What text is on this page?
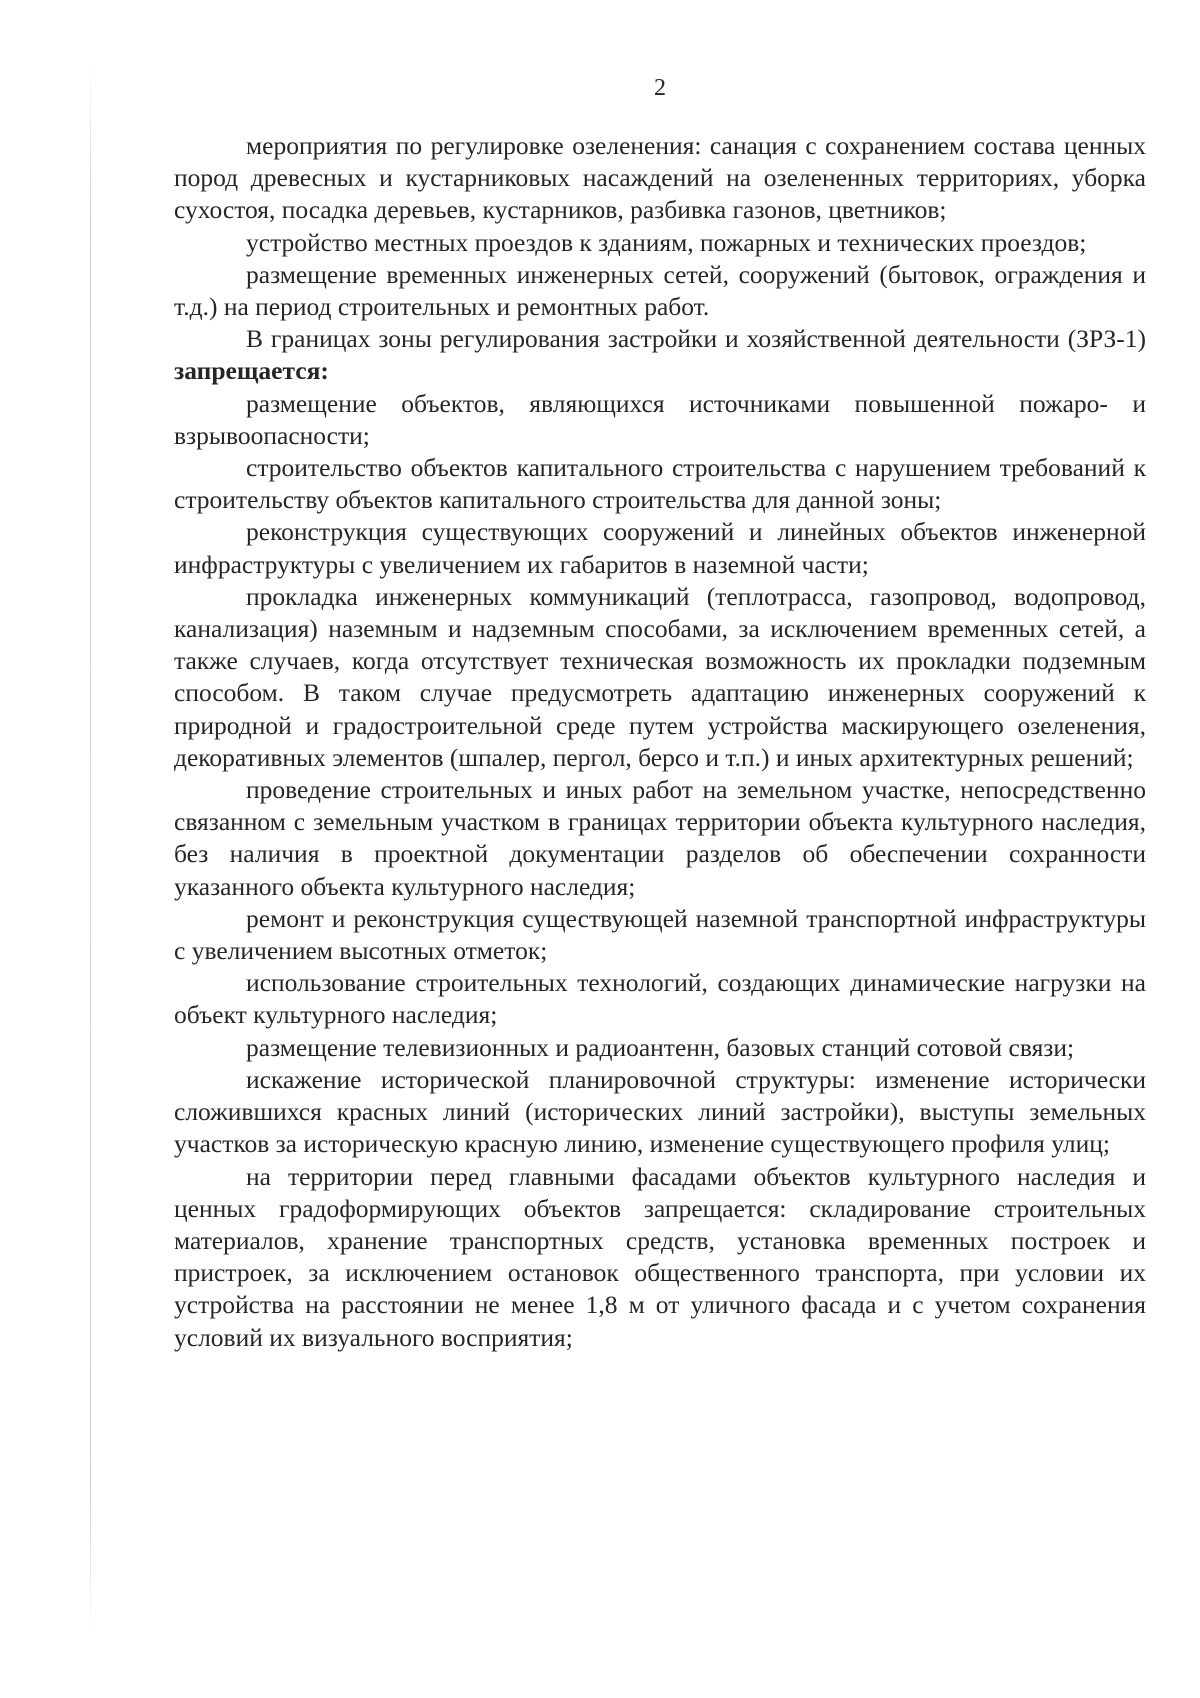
2

мероприятия по регулировке озеленения: санация с сохранением состава ценных пород древесных и кустарниковых насаждений на озелененных территориях, уборка сухостоя, посадка деревьев, кустарников, разбивка газонов, цветников;

устройство местных проездов к зданиям, пожарных и технических проездов;

размещение временных инженерных сетей, сооружений (бытовок, ограждения и т.д.) на период строительных и ремонтных работ.

В границах зоны регулирования застройки и хозяйственной деятельности (ЗРЗ-1) запрещается:

размещение объектов, являющихся источниками повышенной пожаро- и взрывоопасности;

строительство объектов капитального строительства с нарушением требований к строительству объектов капитального строительства для данной зоны;

реконструкция существующих сооружений и линейных объектов инженерной инфраструктуры с увеличением их габаритов в наземной части;

прокладка инженерных коммуникаций (теплотрасса, газопровод, водопровод, канализация) наземным и надземным способами, за исключением временных сетей, а также случаев, когда отсутствует техническая возможность их прокладки подземным способом. В таком случае предусмотреть адаптацию инженерных сооружений к природной и градостроительной среде путем устройства маскирующего озеленения, декоративных элементов (шпалер, пергол, берсо и т.п.) и иных архитектурных решений;

проведение строительных и иных работ на земельном участке, непосредственно связанном с земельным участком в границах территории объекта культурного наследия, без наличия в проектной документации разделов об обеспечении сохранности указанного объекта культурного наследия;

ремонт и реконструкция существующей наземной транспортной инфраструктуры с увеличением высотных отметок;

использование строительных технологий, создающих динамические нагрузки на объект культурного наследия;

размещение телевизионных и радиоантенн, базовых станций сотовой связи;

искажение исторической планировочной структуры: изменение исторически сложившихся красных линий (исторических линий застройки), выступы земельных участков за историческую красную линию, изменение существующего профиля улиц;

на территории перед главными фасадами объектов культурного наследия и ценных градоформирующих объектов запрещается: складирование строительных материалов, хранение транспортных средств, установка временных построек и пристроек, за исключением остановок общественного транспорта, при условии их устройства на расстоянии не менее 1,8 м от уличного фасада и с учетом сохранения условий их визуального восприятия;
